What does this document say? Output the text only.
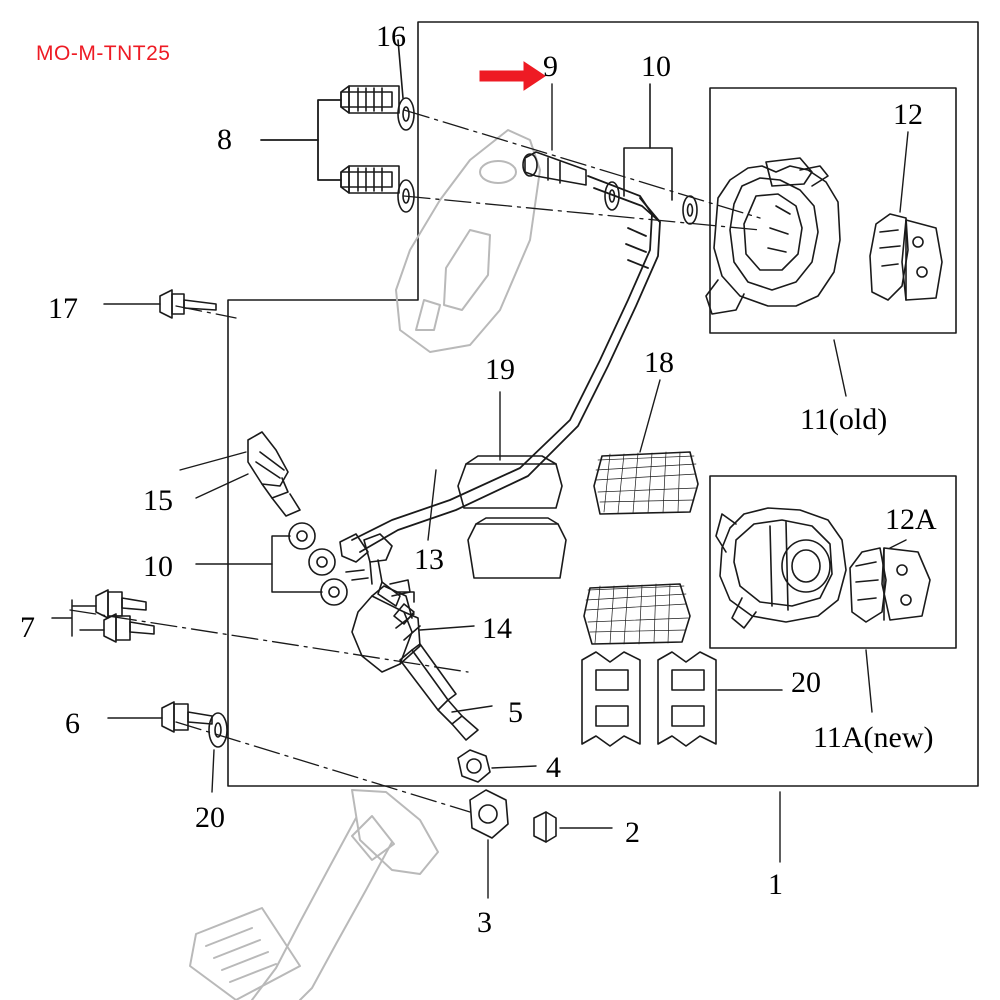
MO-M-TNT25
16
9	10
12
8
17
19	18
11(old)
15
12A
13
10
14
7
20
6	5
11A(new)
4
20	2
1
3
